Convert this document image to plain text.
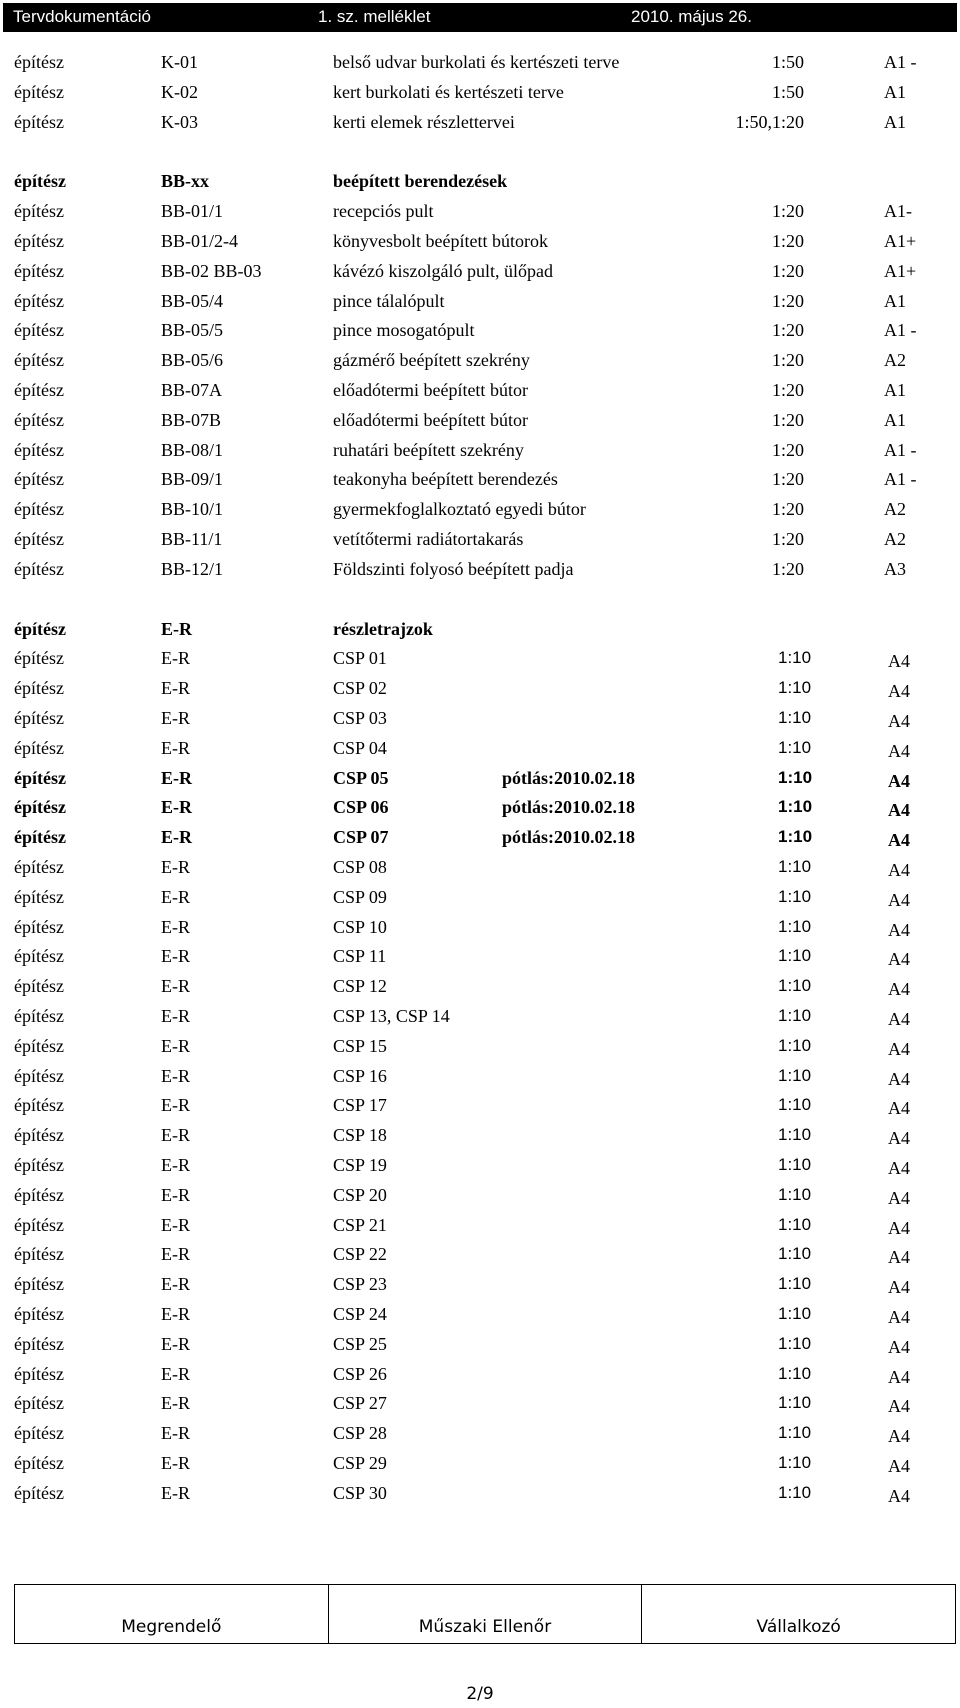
Tervdokumentáció	1. sz. melléklet	2010. május 26.
építész	K-01	belső udvar burkolati és kertészeti terve	1:50	A1 -
építész	K-02	kert burkolati és kertészeti terve	1:50	A1
építész	K-03	kerti elemek részlettervei	1:50,1:20	A1
építész	BB-xx	beépített berendezések
építész	BB-01/1	recepciós pult	1:20	A1-
építész	BB-01/2-4	könyvesbolt beépített bútorok	1:20	A1+
építész	BB-02 BB-03	kávézó kiszolgáló pult, ülőpad	1:20	A1+
építész	BB-05/4	pince tálalópult	1:20	A1
építész	BB-05/5	pince mosogatópult	1:20	A1 -
építész	BB-05/6	gázmérő beépített szekrény	1:20	A2
építész	BB-07A	előadótermi beépített bútor	1:20	A1
építész	BB-07B	előadótermi beépített bútor	1:20	A1
építész	BB-08/1	ruhatári beépített szekrény	1:20	A1 -
építész	BB-09/1	teakonyha beépített berendezés	1:20	A1 -
építész	BB-10/1	gyermekfoglalkoztató egyedi bútor	1:20	A2
építész	BB-11/1	vetítőtermi radiátortakarás	1:20	A2
építész	BB-12/1	Földszinti folyosó beépített padja	1:20	A3
építész	E-R	részletrajzok
építész	E-R	CSP 01	1:10	A4
építész	E-R	CSP 02	1:10	A4
építész	E-R	CSP 03	1:10	A4
építész	E-R	CSP 04	1:10	A4
építész	E-R	CSP 05	pótlás:2010.02.18	1:10	A4
építész	E-R	CSP 06	pótlás:2010.02.18	1:10	A4
építész	E-R	CSP 07	pótlás:2010.02.18	1:10	A4
építész	E-R	CSP 08	1:10	A4
építész	E-R	CSP 09	1:10	A4
építész	E-R	CSP 10	1:10	A4
építész	E-R	CSP 11	1:10	A4
építész	E-R	CSP 12	1:10	A4
építész	E-R	CSP 13, CSP 14	1:10	A4
építész	E-R	CSP 15	1:10	A4
építész	E-R	CSP 16	1:10	A4
építész	E-R	CSP 17	1:10	A4
építész	E-R	CSP 18	1:10	A4
építész	E-R	CSP 19	1:10	A4
építész	E-R	CSP 20	1:10	A4
építész	E-R	CSP 21	1:10	A4
építész	E-R	CSP 22	1:10	A4
építész	E-R	CSP 23	1:10	A4
építész	E-R	CSP 24	1:10	A4
építész	E-R	CSP 25	1:10	A4
építész	E-R	CSP 26	1:10	A4
építész	E-R	CSP 27	1:10	A4
építész	E-R	CSP 28	1:10	A4
építész	E-R	CSP 29	1:10	A4
építész	E-R	CSP 30	1:10	A4
Megrendelő	Műszaki Ellenőr	Vállalkozó
2/9
